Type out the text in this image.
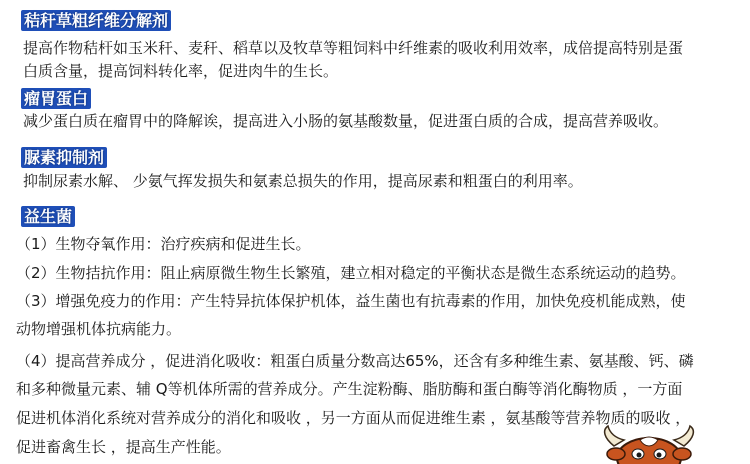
秸秆草粗纤维分解剂
提高作物秸杆如玉米秆、麦秆、稻草以及牧草等粗饲料中纤维素的吸收利用效率，成倍提高特别是蛋
白质含量，提高饲料转化率，促进肉牛的生长。
瘤胃蛋白
减少蛋白质在瘤胃中的降解诶，提高进入小肠的氨基酸数量，促进蛋白质的合成，提高营养吸收。
脲素抑制剂
抑制尿素水解、 少氨气挥发损失和氨素总损失的作用，提高尿素和粗蛋白的利用率。
益生菌
（1）生物夺氧作用：治疗疾病和促进生长。
（2）生物拮抗作用：阻止病原微生物生长繁殖，建立相对稳定的平衡状态是微生态系统运动的趋势。
（3）增强免疫力的作用：产生特异抗体保护机体，益生菌也有抗毒素的作用，加快免疫机能成熟，使
动物增强机体抗病能力。
（4）提高营养成分 ，促进消化吸收：粗蛋白质量分数高达65%，还含有多种维生素、氨基酸、钙、磷
和多种微量元素、辅 Q等机体所需的营养成分。产生淀粉酶、脂肪酶和蛋白酶等消化酶物质 ，一方面
促进机体消化系统对营养成分的消化和吸收 ，另一方面从而促进维生素 ，氨基酸等营养物质的吸收 ，
促进畜禽生长 ，提高生产性能。
